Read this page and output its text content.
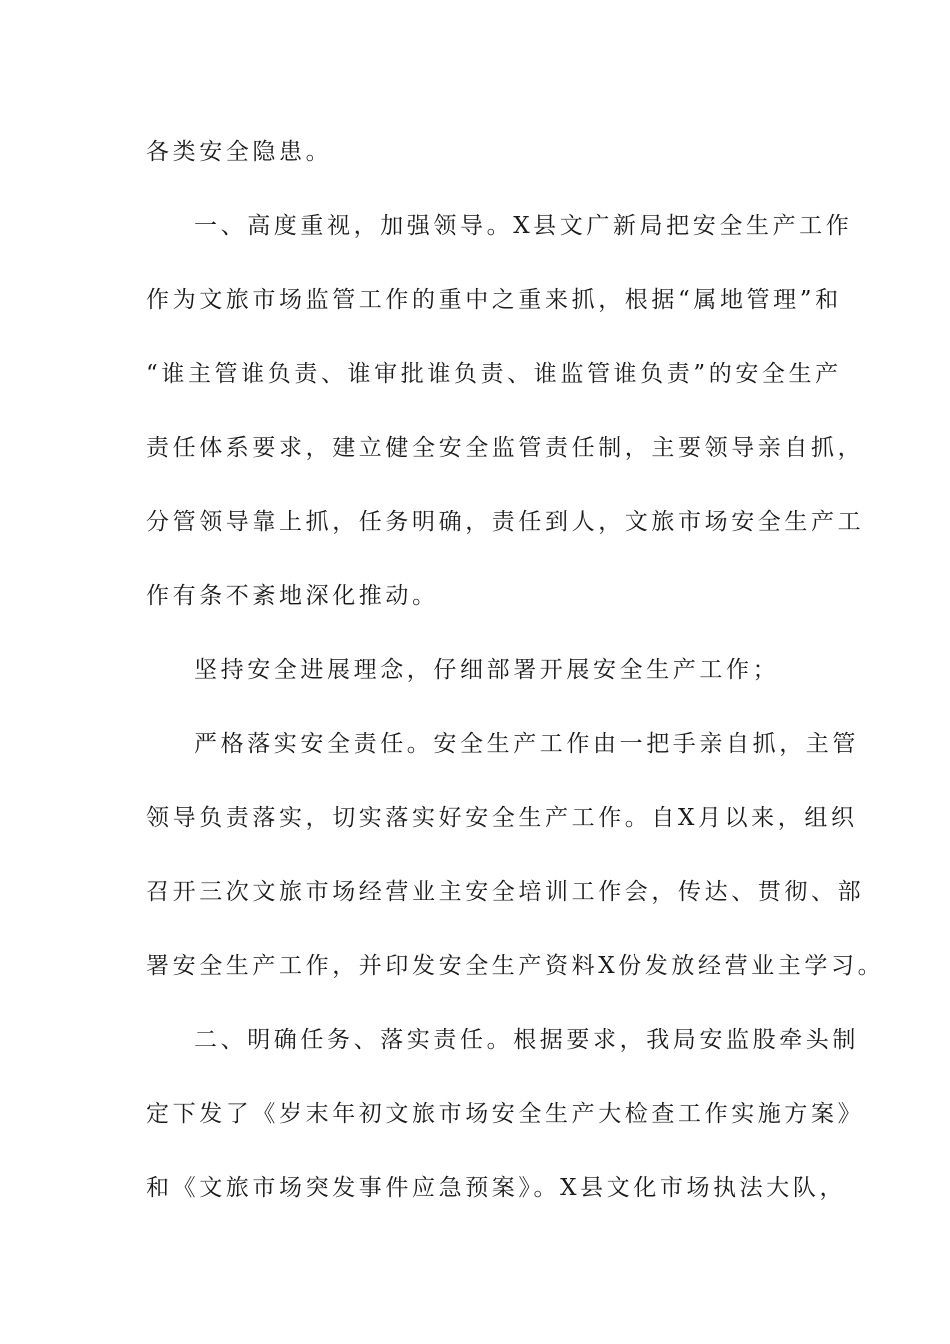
各类安全隐患。
一、高度重视，加强领导。X县文广新局把安全生产工作
作为文旅市场监管工作的重中之重来抓，根据“属地管理”和
“谁主管谁负责、谁审批谁负责、谁监管谁负责”的安全生产
责任体系要求，建立健全安全监管责任制，主要领导亲自抓，
分管领导靠上抓，任务明确，责任到人，文旅市场安全生产工
作有条不紊地深化推动。
坚持安全进展理念，仔细部署开展安全生产工作；
严格落实安全责任。安全生产工作由一把手亲自抓，主管
领导负责落实，切实落实好安全生产工作。自X月以来，组织
召开三次文旅市场经营业主安全培训工作会，传达、贯彻、部
署安全生产工作，并印发安全生产资料X份发放经营业主学习。
二、明确任务、落实责任。根据要求，我局安监股牵头制
定下发了《岁末年初文旅市场安全生产大检查工作实施方案》
和《文旅市场突发事件应急预案》。X县文化市场执法大队，
